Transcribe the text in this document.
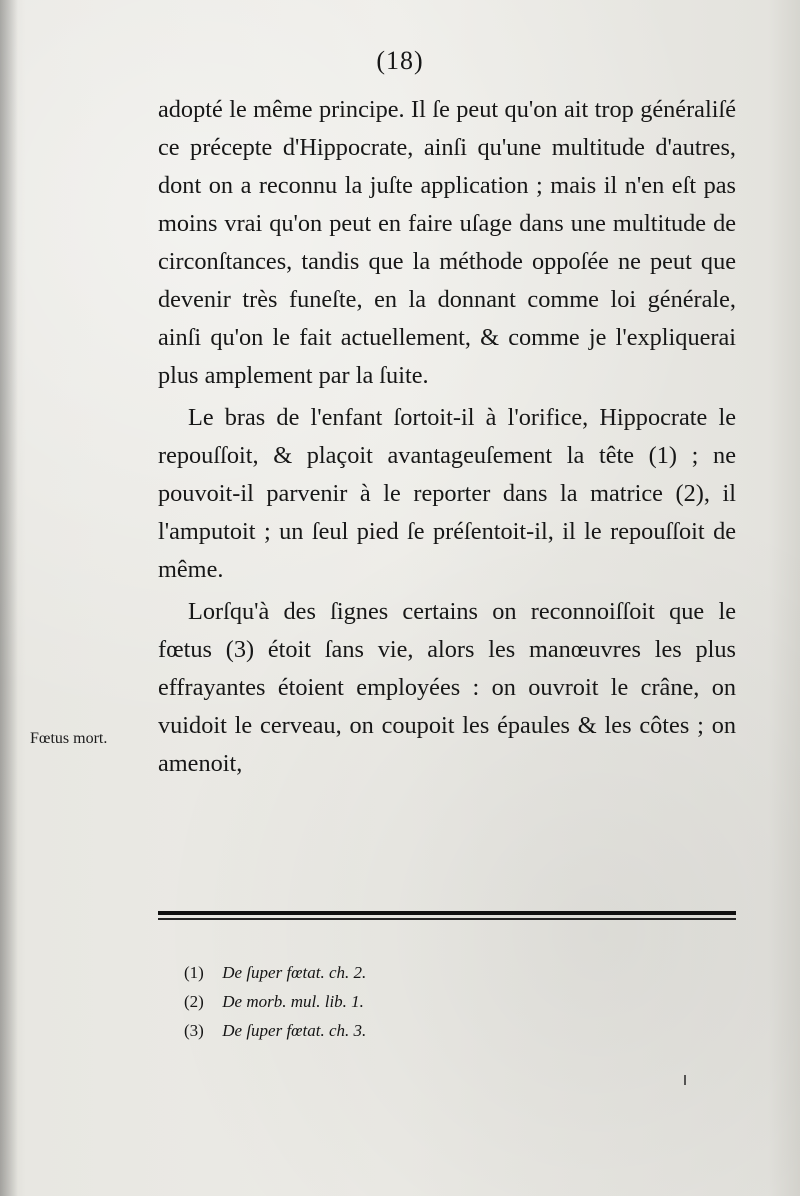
(18)

adopté le même principe. Il ſe peut qu'on ait trop généraliſé ce précepte d'Hippocrate, ainſi qu'une multitude d'autres, dont on a reconnu la juſte application ; mais il n'en eſt pas moins vrai qu'on peut en faire uſage dans une multitude de circonſtances, tandis que la méthode oppoſée ne peut que devenir très funeſte, en la donnant comme loi générale, ainſi qu'on le fait actuellement, & comme je l'expliquerai plus amplement par la ſuite.

Le bras de l'enfant ſortoit-il à l'orifice, Hippocrate le repouſſoit, & plaçoit avantageuſement la tête (1) ; ne pouvoit-il parvenir à le reporter dans la matrice (2), il l'amputoit ; un ſeul pied ſe préſentoit-il, il le repouſſoit de même.

Lorſqu'à des ſignes certains on reconnoiſſoit que le fœtus (3) étoit ſans vie, alors les manœuvres les plus effrayantes étoient employées : on ouvroit le crâne, on vuidoit le cerveau, on coupoit les épaules & les côtes ; on amenoit,

Fœtus mort.
(1) De ſuper fœtat. ch. 2.
(2) De morb. mul. lib. 1.
(3) De ſuper fœtat. ch. 3.
